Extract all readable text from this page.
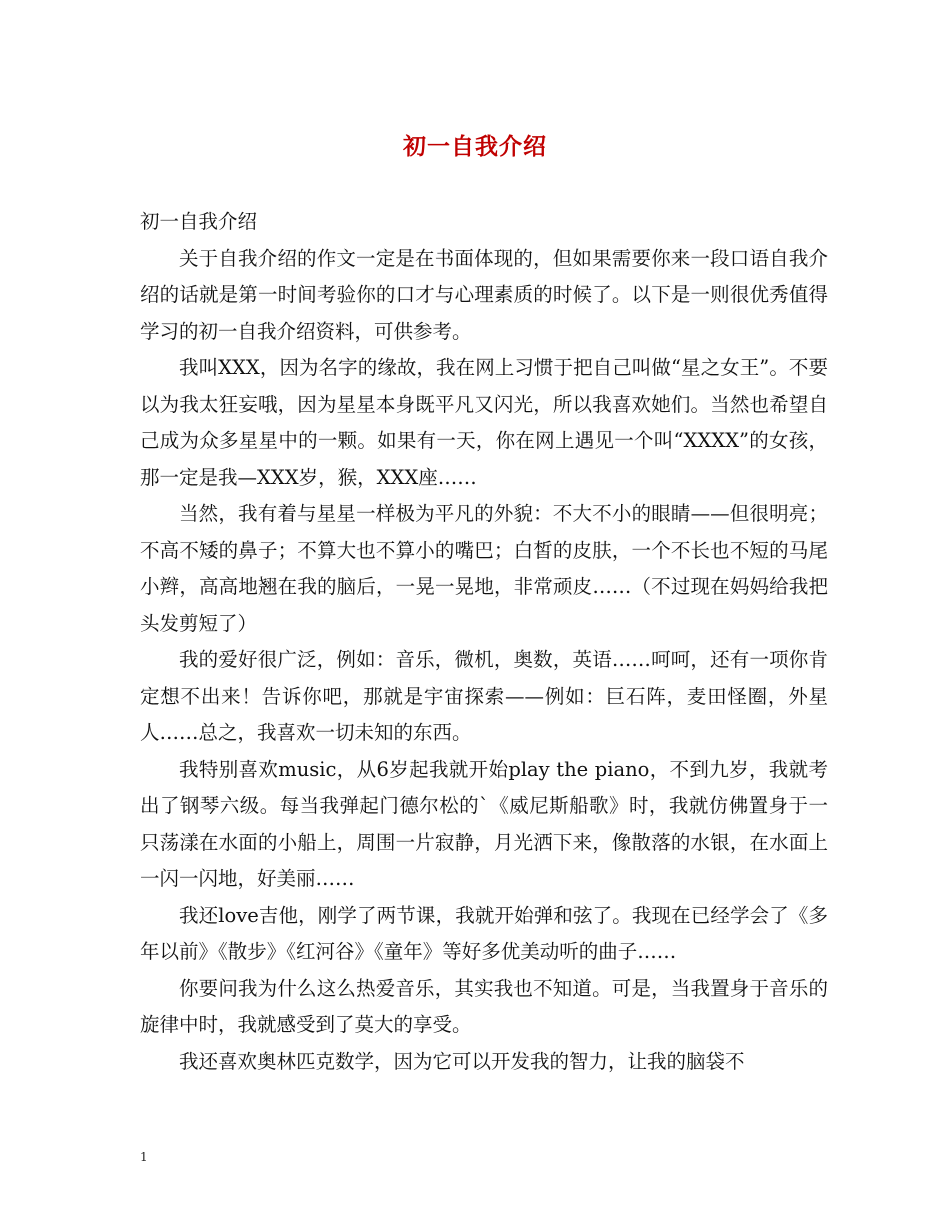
初一自我介绍

初一自我介绍

关于自我介绍的作文一定是在书面体现的，但如果需要你来一段口语自我介绍的话就是第一时间考验你的口才与心理素质的时候了。以下是一则很优秀值得学习的初一自我介绍资料，可供参考。

我叫XXX，因为名字的缘故，我在网上习惯于把自己叫做“星之女王”。不要以为我太狂妄哦，因为星星本身既平凡又闪光，所以我喜欢她们。当然也希望自己成为众多星星中的一颗。如果有一天，你在网上遇见一个叫“XXXX”的女孩，那一定是我—XXX岁，猴，XXX座……

当然，我有着与星星一样极为平凡的外貌：不大不小的眼睛——但很明亮；不高不矮的鼻子；不算大也不算小的嘴巴；白皙的皮肤，一个不长也不短的马尾小辫，高高地翘在我的脑后，一晃一晃地，非常顽皮……（不过现在妈妈给我把头发剪短了）

我的爱好很广泛，例如：音乐，微机，奥数，英语……呵呵，还有一项你肯定想不出来！告诉你吧，那就是宇宙探索——例如：巨石阵，麦田怪圈，外星人……总之，我喜欢一切未知的东西。

我特别喜欢music，从6岁起我就开始play the piano，不到九岁，我就考出了钢琴六级。每当我弹起门德尔松的`《威尼斯船歌》时，我就仿佛置身于一只荡漾在水面的小船上，周围一片寂静，月光洒下来，像散落的水银，在水面上一闪一闪地，好美丽……

我还love吉他，刚学了两节课，我就开始弹和弦了。我现在已经学会了《多年以前》《散步》《红河谷》《童年》等好多优美动听的曲子……

你要问我为什么这么热爱音乐，其实我也不知道。可是，当我置身于音乐的旋律中时，我就感受到了莫大的享受。

我还喜欢奥林匹克数学，因为它可以开发我的智力，让我的脑袋不

1
